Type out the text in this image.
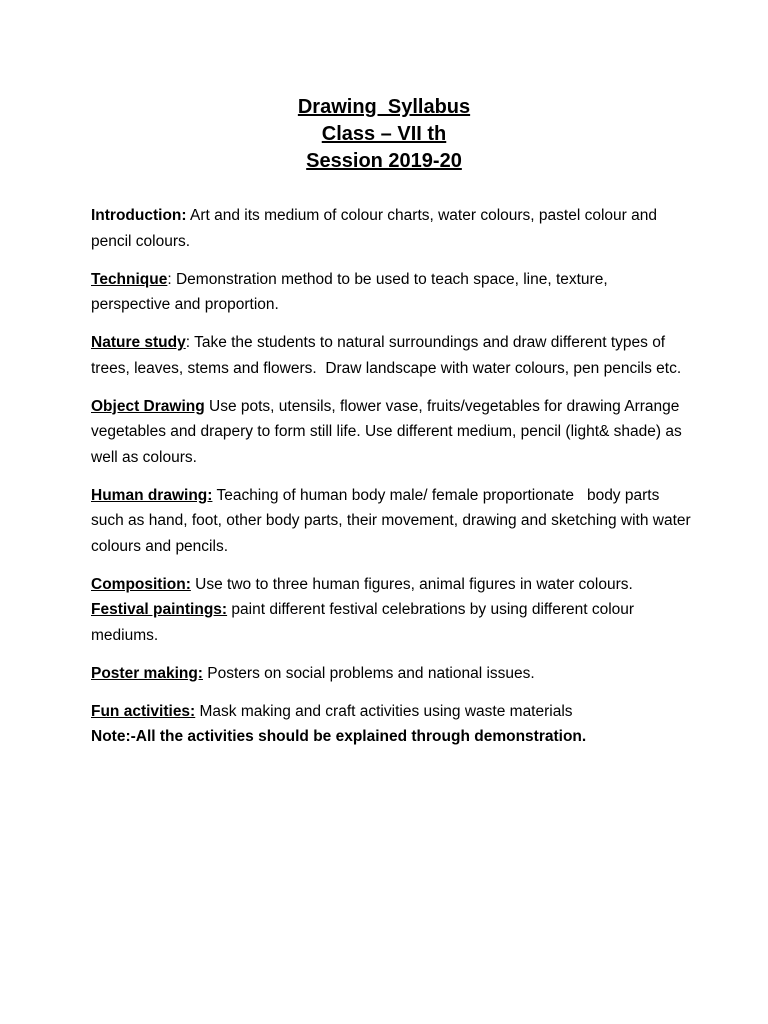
Drawing  Syllabus
Class – VII th
Session 2019-20

Introduction: Art and its medium of colour charts, water colours, pastel colour and pencil colours.

Technique: Demonstration method to be used to teach space, line, texture, perspective and proportion.

Nature study: Take the students to natural surroundings and draw different types of trees, leaves, stems and flowers.  Draw landscape with water colours, pen pencils etc.

Object Drawing Use pots, utensils, flower vase, fruits/vegetables for drawing Arrange vegetables and drapery to form still life. Use different medium, pencil (light& shade) as well as colours.

Human drawing: Teaching of human body male/ female proportionate   body parts such as hand, foot, other body parts, their movement, drawing and sketching with water colours and pencils.

Composition: Use two to three human figures, animal figures in water colours.

Festival paintings: paint different festival celebrations by using different colour mediums.

Poster making: Posters on social problems and national issues.

Fun activities: Mask making and craft activities using waste materials

Note:-All the activities should be explained through demonstration.
